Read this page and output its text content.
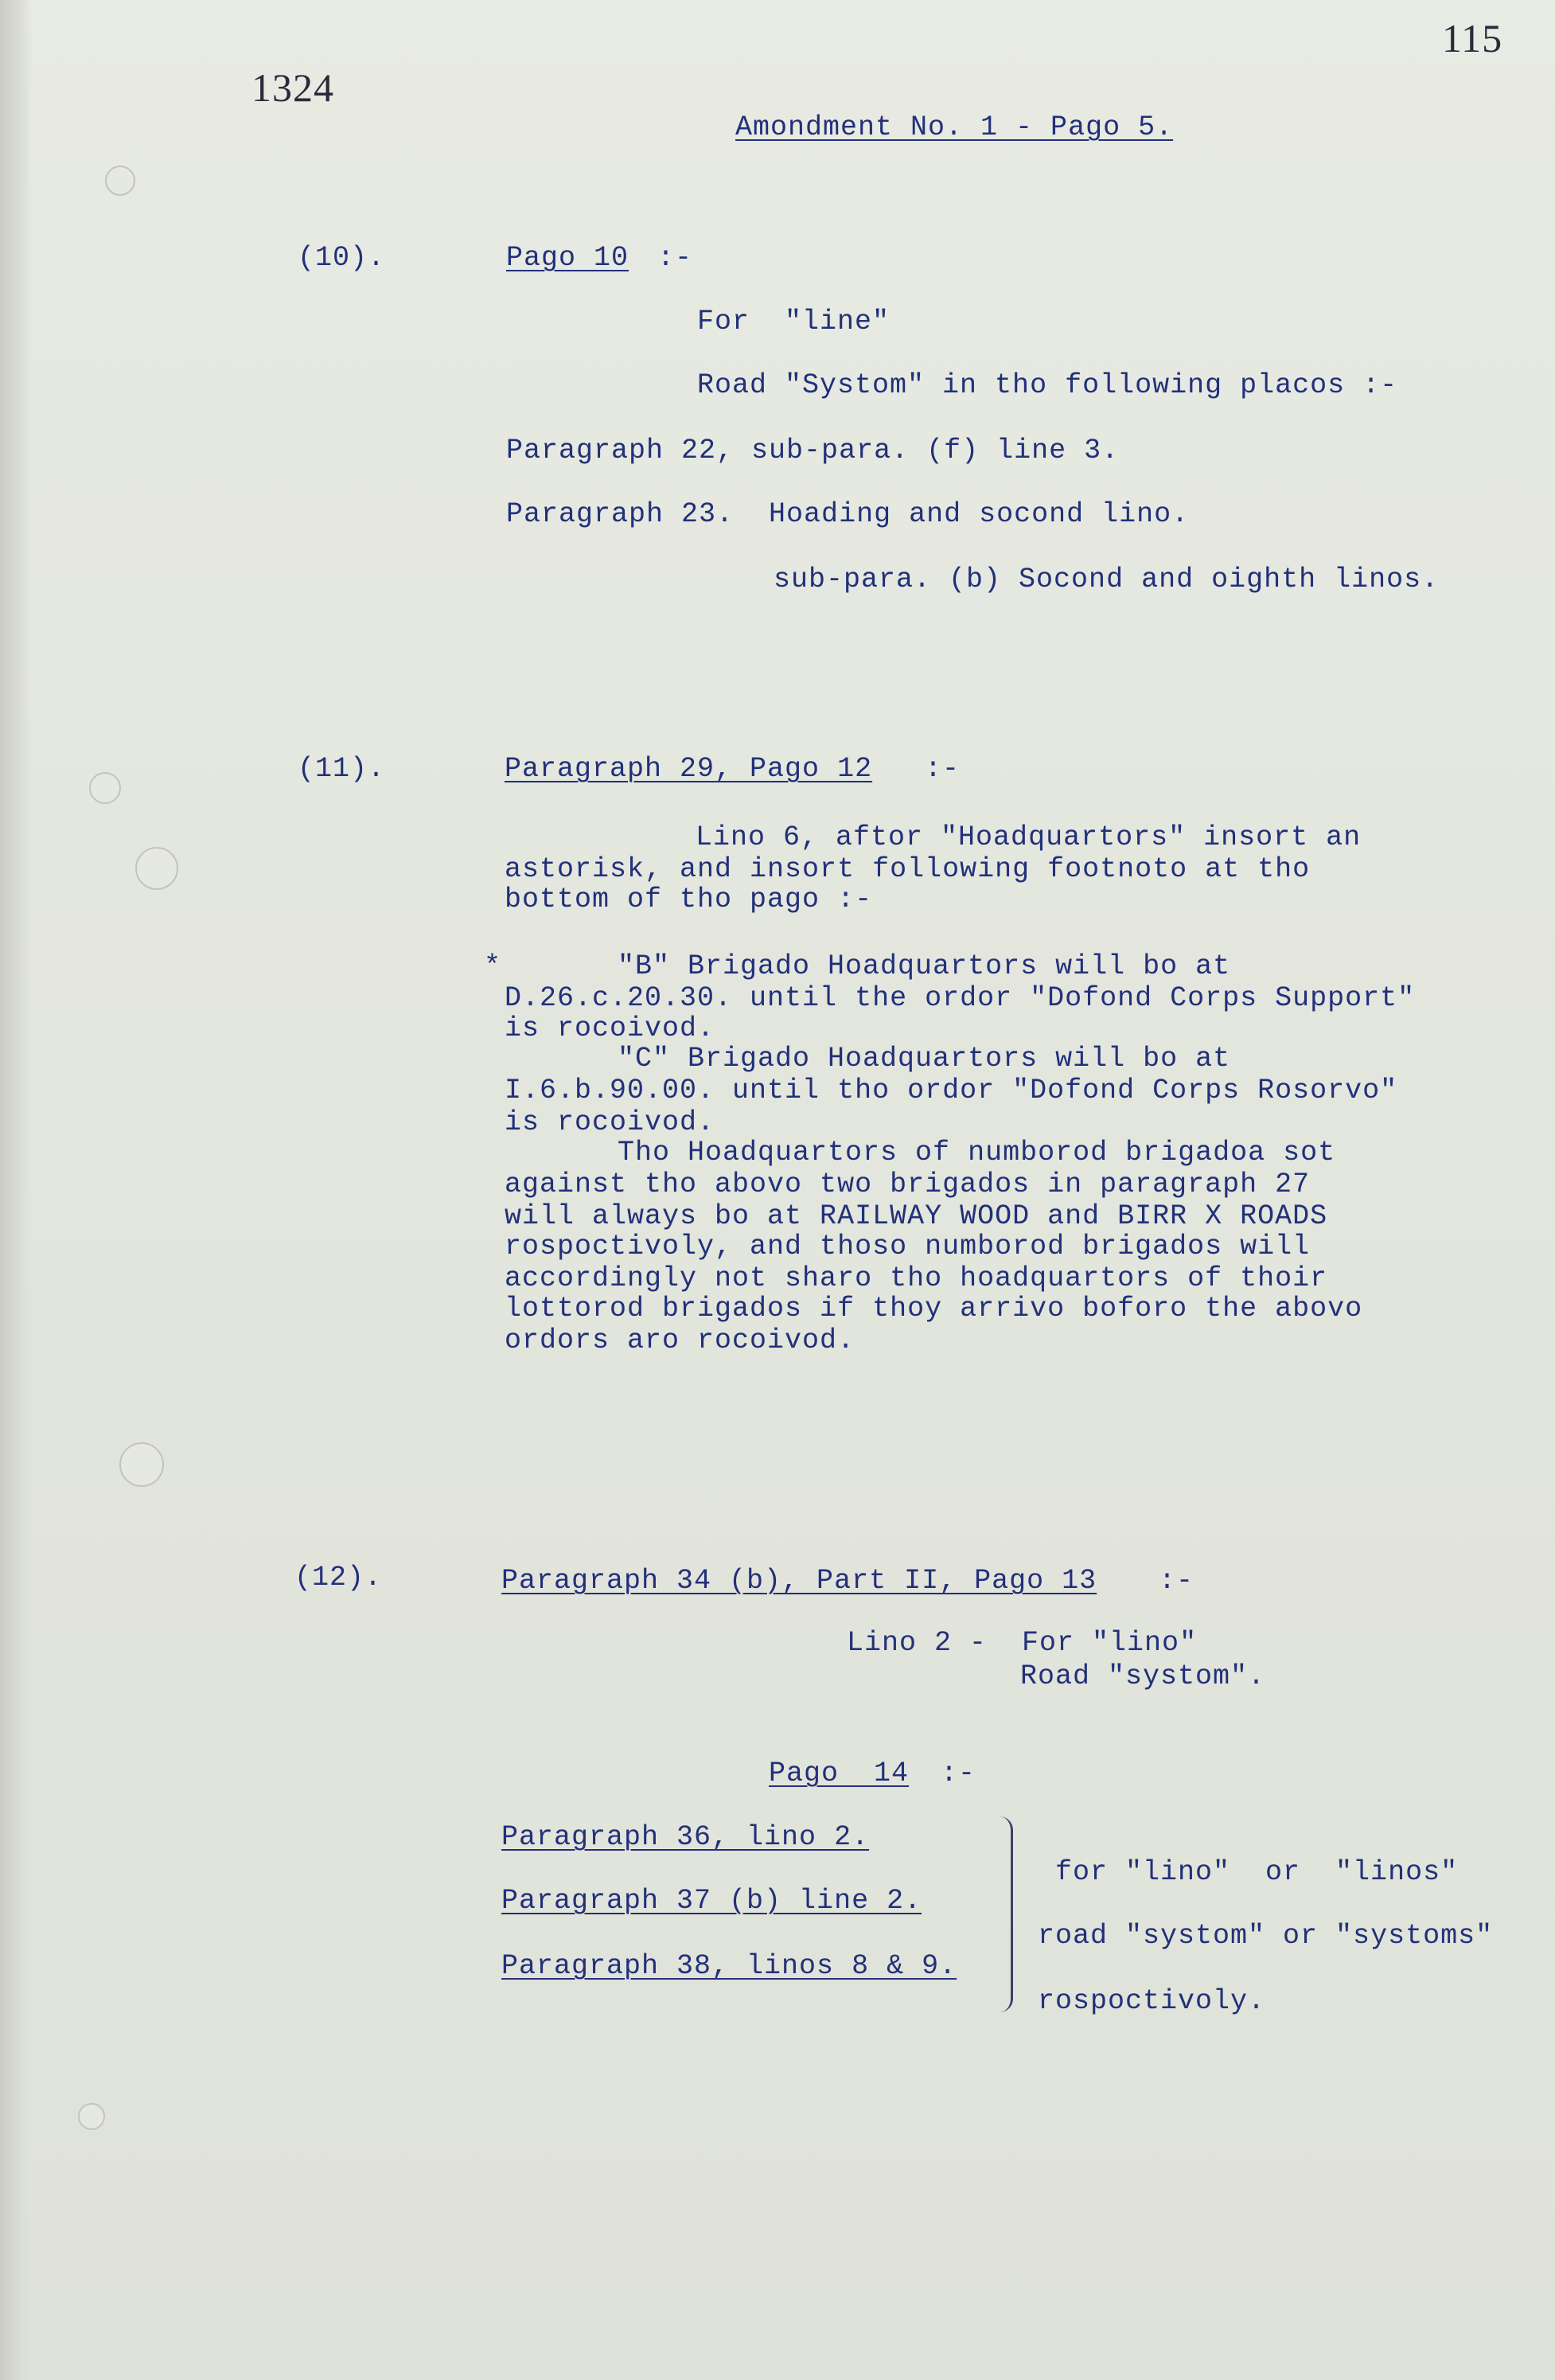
1324
115
Amondment No. 1 - Pago 5.
(10).	Pago 10 :-
For  "line"
Road "Systom" in tho following placos :-
Paragraph 22, sub-para. (f) line 3.
Paragraph 23.  Hoading and socond lino.
sub-para. (b) Socond and oighth linos.
(11).	Paragraph 29, Pago 12 :-
Lino 6, aftor "Hoadquartors" insort an
astorisk, and insort following footnoto at tho
bottom of tho pago :-
*	"B" Brigado Hoadquartors will bo at
D.26.c.20.30. until the ordor "Dofond Corps Support"
is rocoivod.
"C" Brigado Hoadquartors will bo at
I.6.b.90.00. until tho ordor "Dofond Corps Rosorvo"
is rocoivod.
Tho Hoadquartors of numborod brigadoa sot
against tho abovo two brigados in paragraph 27
will always bo at RAILWAY WOOD and BIRR X ROADS
rospoctivoly, and thoso numborod brigados will
accordingly not sharo tho hoadquartors of thoir
lottorod brigados if thoy arrivo boforo the abovo
ordors aro rocoivod.
(12).	Paragraph 34 (b), Part II, Pago 13 :-
Lino 2 -  For "lino"
Road "systom".
Pago  14 :-
Paragraph 36, lino 2.
Paragraph 37 (b) line 2.
Paragraph 38, linos 8 & 9.
for "lino"  or  "linos"
road "systom" or "systoms"
rospoctivoly.
